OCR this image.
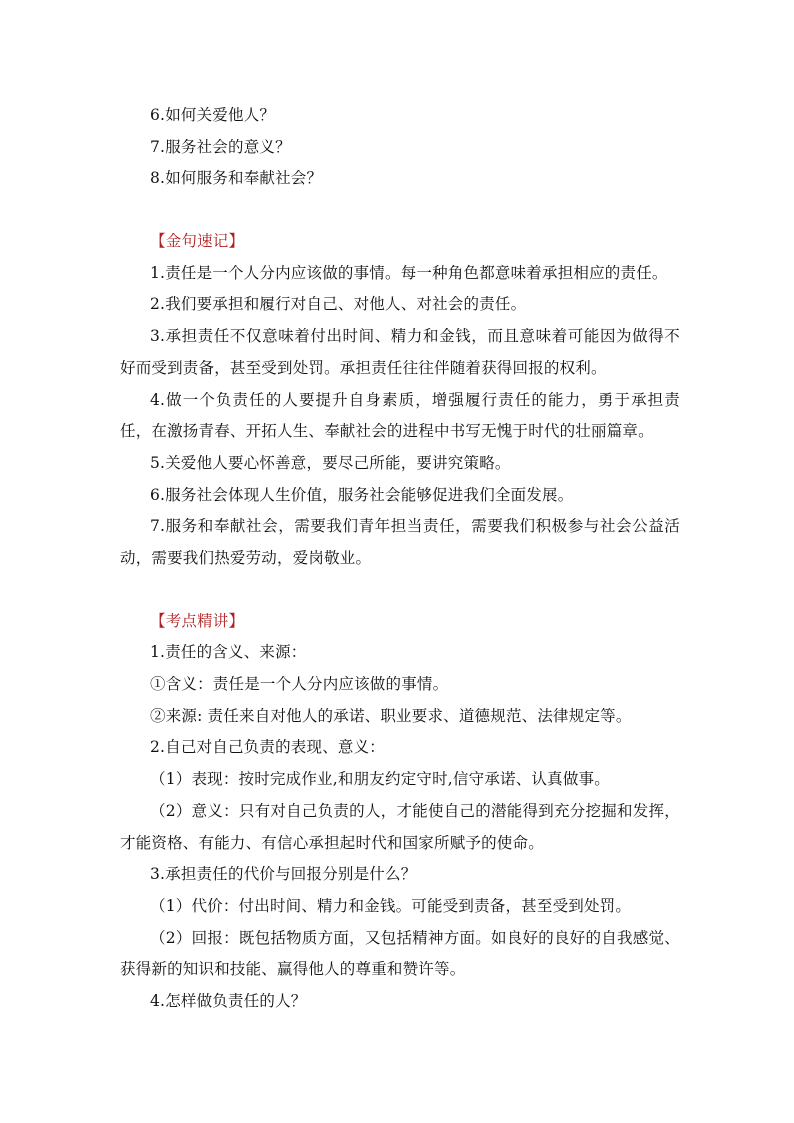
6.如何关爱他人？
7.服务社会的意义？
8.如何服务和奉献社会？
【金句速记】
1.责任是一个人分内应该做的事情。每一种角色都意味着承担相应的责任。
2.我们要承担和履行对自己、对他人、对社会的责任。
3.承担责任不仅意味着付出时间、精力和金钱，而且意味着可能因为做得不好而受到责备，甚至受到处罚。承担责任往往伴随着获得回报的权利。
4.做一个负责任的人要提升自身素质，增强履行责任的能力，勇于承担责任，在激扬青春、开拓人生、奉献社会的进程中书写无愧于时代的壮丽篇章。
5.关爱他人要心怀善意，要尽己所能，要讲究策略。
6.服务社会体现人生价值，服务社会能够促进我们全面发展。
7.服务和奉献社会，需要我们青年担当责任，需要我们积极参与社会公益活动，需要我们热爱劳动，爱岗敬业。
【考点精讲】
1.责任的含义、来源：
①含义：责任是一个人分内应该做的事情。
②来源: 责任来自对他人的承诺、职业要求、道德规范、法律规定等。
2.自己对自己负责的表现、意义：
（1）表现：按时完成作业,和朋友约定守时,信守承诺、认真做事。
（2）意义：只有对自己负责的人，才能使自己的潜能得到充分挖掘和发挥，才能资格、有能力、有信心承担起时代和国家所赋予的使命。
3.承担责任的代价与回报分别是什么？
（1）代价：付出时间、精力和金钱。可能受到责备，甚至受到处罚。
（2）回报：既包括物质方面，又包括精神方面。如良好的良好的自我感觉、获得新的知识和技能、赢得他人的尊重和赞许等。
4.怎样做负责任的人？
